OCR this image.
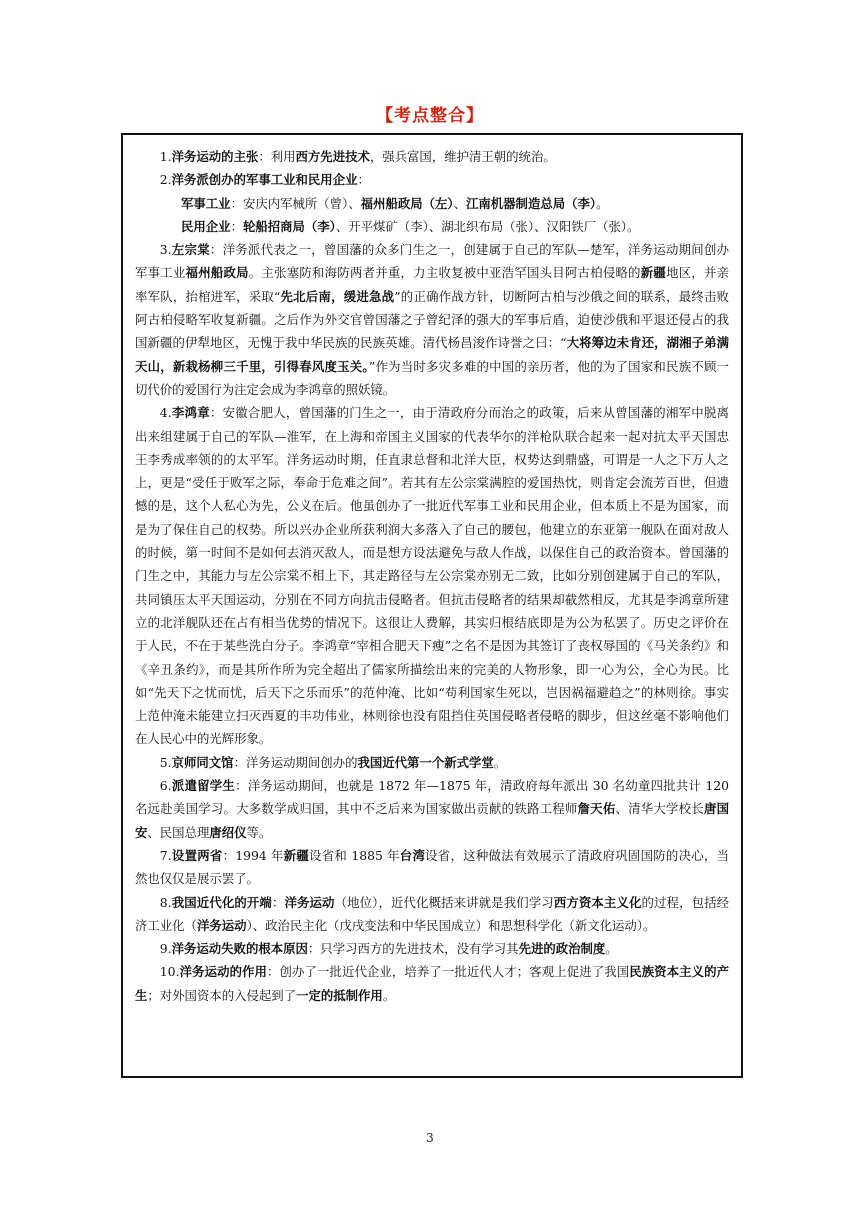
【考点整合】

1.洋务运动的主张：利用西方先进技术，强兵富国，维护清王朝的统治。

2.洋务派创办的军事工业和民用企业：

军事工业：安庆内军械所（曾）、福州船政局（左）、江南机器制造总局（李）。

民用企业：轮船招商局（李）、开平煤矿（李）、湖北织布局（张）、汉阳铁厂（张）。

3.左宗棠：洋务派代表之一，曾国藩的众多门生之一，创建属于自己的军队—楚军，洋务运动期间创办军事工业福州船政局。主张塞防和海防两者并重，力主收复被中亚浩罕国头目阿古柏侵略的新疆地区，并亲率军队，抬棺进军，采取“先北后南，缓进急战”的正确作战方针，切断阿古柏与沙俄之间的联系，最终击败阿古柏侵略军收复新疆。之后作为外交官曾国藩之子曾纪泽的强大的军事后盾，迫使沙俄和平退还侵占的我国新疆的伊犁地区，无愧于我中华民族的民族英雄。清代杨昌浚作诗誉之曰：“大将筹边未肯还，湖湘子弟满天山，新栽杨柳三千里，引得春风度玉关。”作为当时多灾多难的中国的亲历者，他的为了国家和民族不顾一切代价的爱国行为注定会成为李鸿章的照妖镜。

4.李鸿章：安徽合肥人，曾国藩的门生之一，由于清政府分而治之的政策，后来从曾国藩的湘军中脱离出来组建属于自己的军队—淮军，在上海和帝国主义国家的代表华尔的洋枪队联合起来一起对抗太平天国忠王李秀成率领的的太平军。洋务运动时期，任直隶总督和北洋大臣，权势达到鼎盛，可谓是一人之下万人之上，更是“受任于败军之际，奉命于危难之间”。若其有左公宗棠满腔的爱国热忱，则肯定会流芳百世，但遗憾的是，这个人私心为先，公义在后。他虽创办了一批近代军事工业和民用企业，但本质上不是为国家，而是为了保住自己的权势。所以兴办企业所获利润大多落入了自己的腰包，他建立的东亚第一舰队在面对敌人的时候，第一时间不是如何去消灭敌人，而是想方设法避免与敌人作战，以保住自己的政治资本。曾国藩的门生之中，其能力与左公宗棠不相上下，其走路径与左公宗棠亦别无二致，比如分别创建属于自己的军队，共同镇压太平天国运动，分别在不同方向抗击侵略者。但抗击侵略者的结果却截然相反，尤其是李鸿章所建立的北洋舰队还在占有相当优势的情况下。这很让人费解，其实归根结底即是为公为私罢了。历史之评价在于人民，不在于某些洗白分子。李鸿章“宰相合肥天下瘦”之名不是因为其签订了丧权辱国的《马关条约》和《辛丑条约》，而是其所作所为完全超出了儒家所描绘出来的完美的人物形象，即一心为公，全心为民。比如“先天下之忧而忧，后天下之乐而乐”的范仲淹、比如“苟利国家生死以，岂因祸福避趋之”的林则徐。事实上范仲淹未能建立扫灭西夏的丰功伟业，林则徐也没有阻挡住英国侵略者侵略的脚步，但这丝毫不影响他们在人民心中的光辉形象。

5.京师同文馆：洋务运动期间创办的我国近代第一个新式学堂。

6.派遣留学生：洋务运动期间，也就是 1872 年—1875 年，清政府每年派出 30 名幼童四批共计 120 名远赴美国学习。大多数学成归国，其中不乏后来为国家做出贡献的铁路工程师詹天佑、清华大学校长唐国安、民国总理唐绍仪等。

7.设置两省：1994 年新疆设省和 1885 年台湾设省，这种做法有效展示了清政府巩固国防的决心，当然也仅仅是展示罢了。

8.我国近代化的开端：洋务运动（地位），近代化概括来讲就是我们学习西方资本主义化的过程，包括经济工业化（洋务运动）、政治民主化（戊戌变法和中华民国成立）和思想科学化（新文化运动）。

9.洋务运动失败的根本原因：只学习西方的先进技术，没有学习其先进的政治制度。

10.洋务运动的作用：创办了一批近代企业，培养了一批近代人才；客观上促进了我国民族资本主义的产生；对外国资本的入侵起到了一定的抵制作用。

3
